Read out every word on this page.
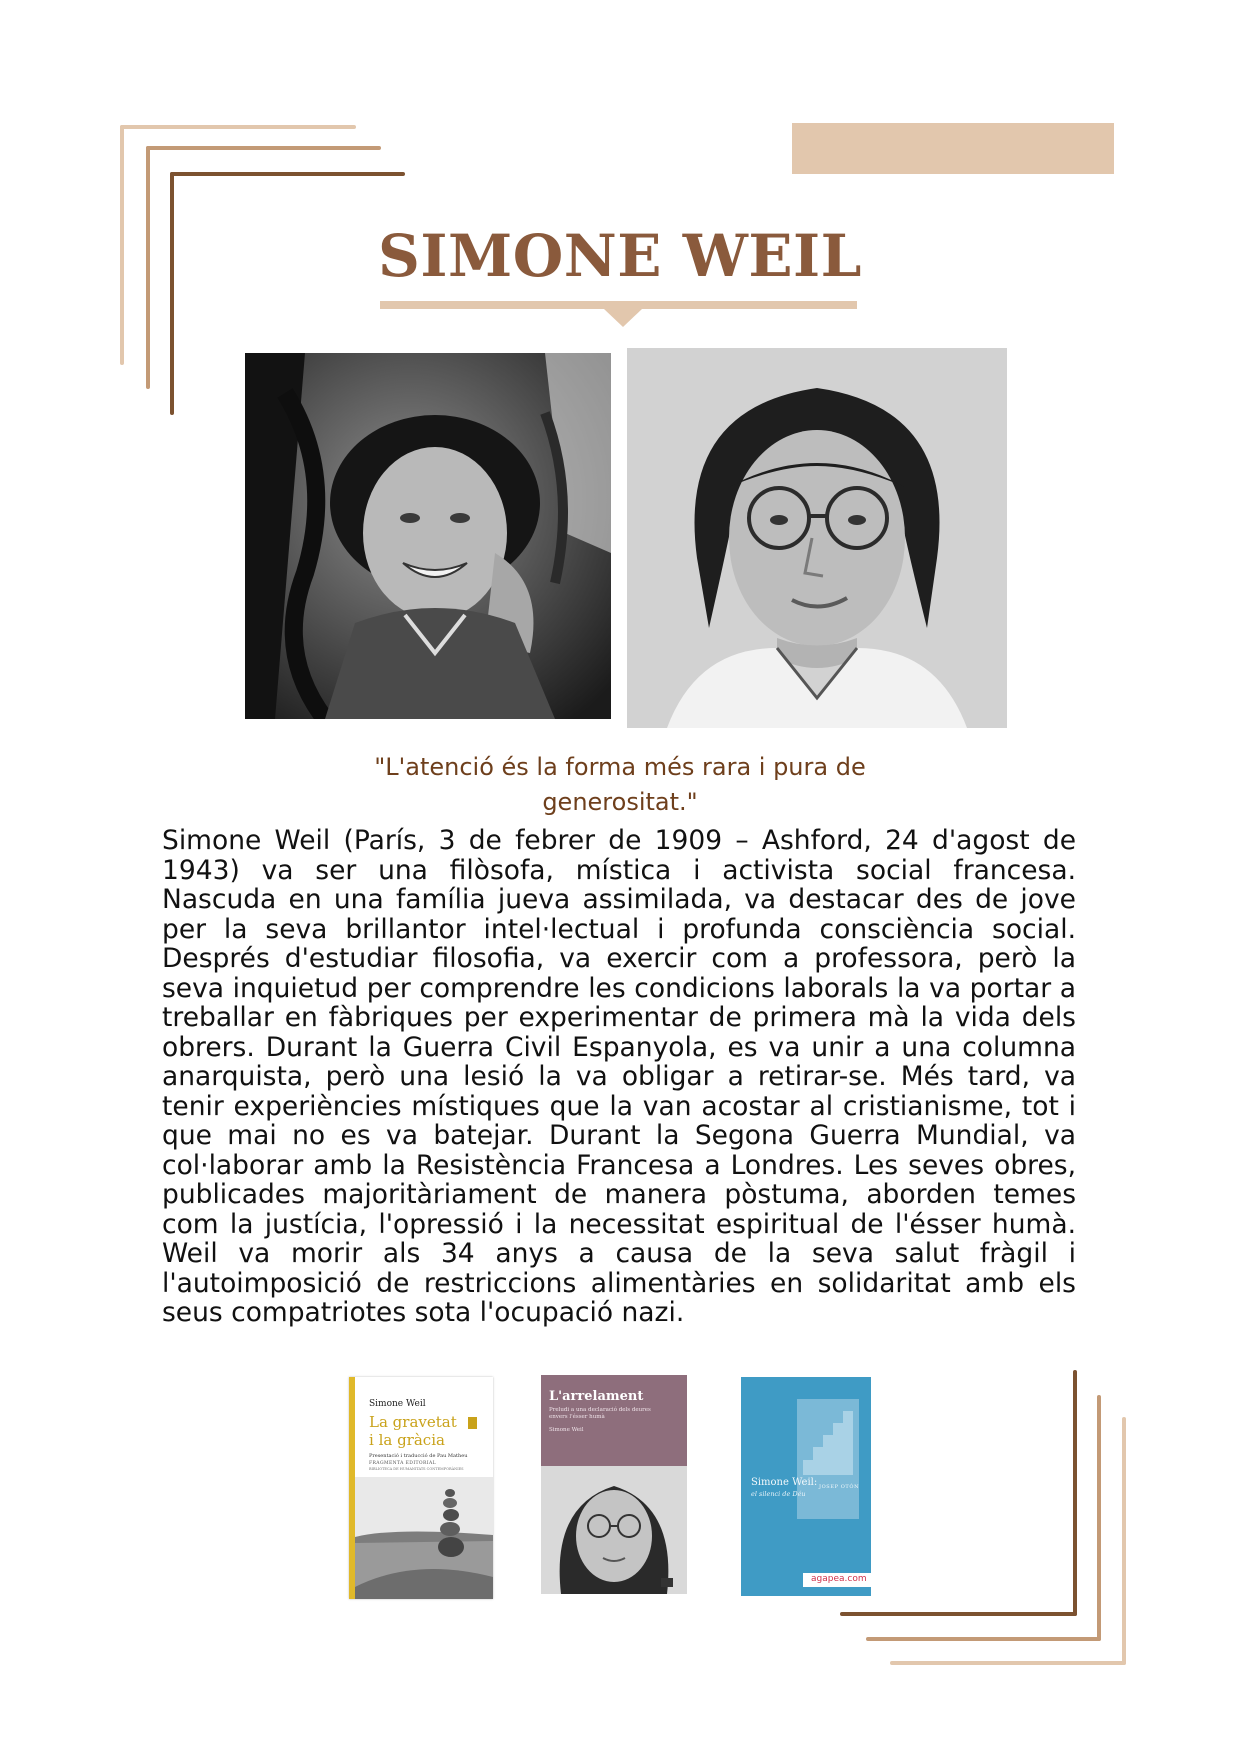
SIMONE WEIL
"L'atenció és la forma més rara i pura de generositat."
Simone Weil (París, 3 de febrer de 1909 – Ashford, 24 d'agost de 1943) va ser una filòsofa, mística i activista social francesa. Nascuda en una família jueva assimilada, va destacar des de jove per la seva brillantor intel·lectual i profunda consciència social. Després d'estudiar filosofia, va exercir com a professora, però la seva inquietud per comprendre les condicions laborals la va portar a treballar en fàbriques per experimentar de primera mà la vida dels obrers. Durant la Guerra Civil Espanyola, es va unir a una columna anarquista, però una lesió la va obligar a retirar-se. Més tard, va tenir experiències místiques que la van acostar al cristianisme, tot i que mai no es va batejar. Durant la Segona Guerra Mundial, va col·laborar amb la Resistència Francesa a Londres. Les seves obres, publicades majoritàriament de manera pòstuma, aborden temes com la justícia, l'opressió i la necessitat espiritual de l'ésser humà. Weil va morir als 34 anys a causa de la seva salut fràgil i l'autoimposició de restriccions alimentàries en solidaritat amb els seus compatriotes sota l'ocupació nazi.
Simone Weil
La gravetat
i la gràcia
Presentació i traducció de Pau Matheu
FRAGMENTA EDITORIAL
BIBLIOTECA DE HUMANITATS CONTEMPORÀNIES
L'arrelament
Preludi a una declaració dels deures envers l'ésser humà
Simone Weil
Simone Weil:
el silenci de Déu
JOSEP OTÓN
agapea.com
